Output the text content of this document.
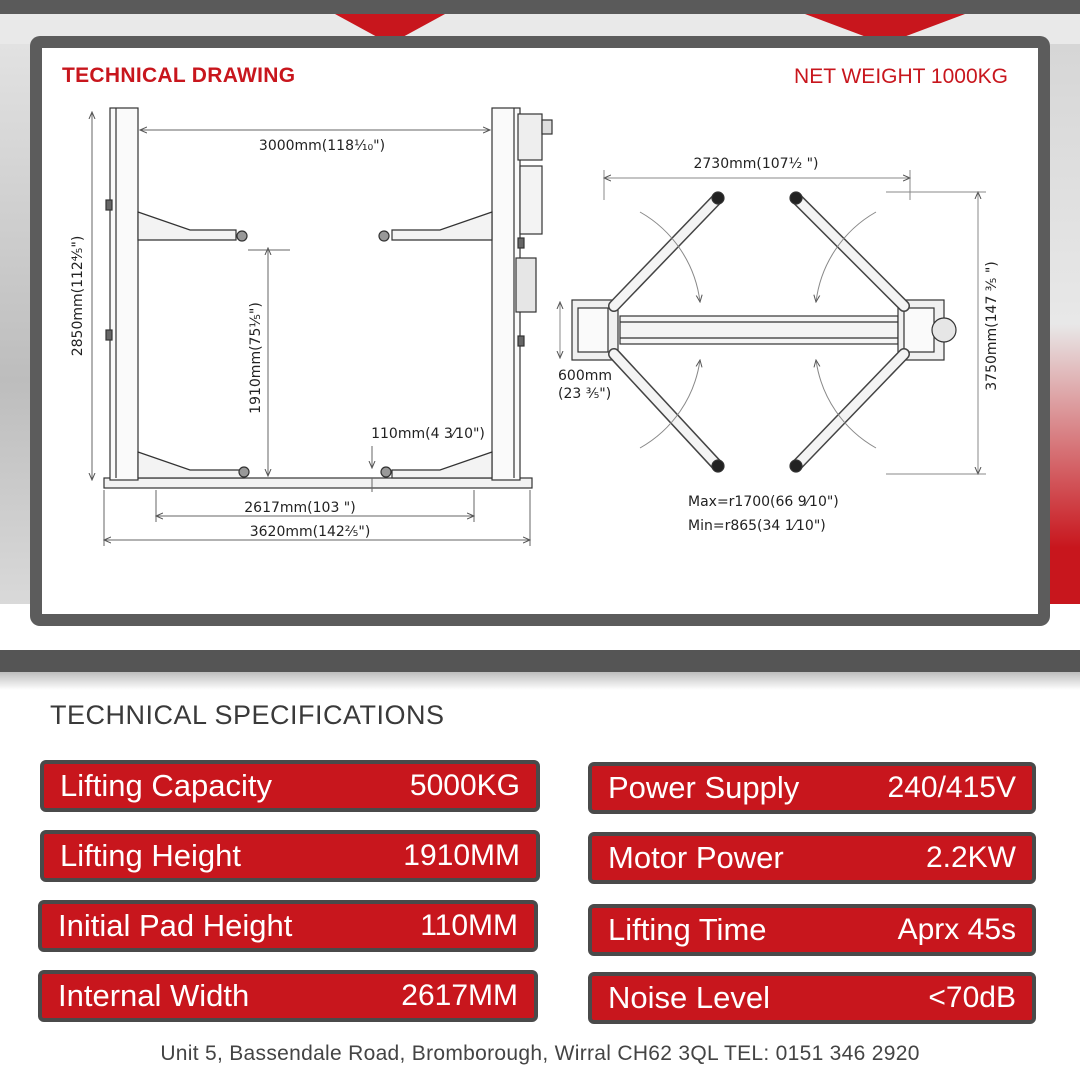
TECHNICAL DRAWING	NET WEIGHT 1000KG
3000mm(118⅒")
2850mm(112⅘")
1910mm(75⅕")
110mm(4 3⁄10")
2617mm(103 ")
3620mm(142⅖")
2730mm(107½ ")
600mm
(23 ⅗")
3750mm(147 ⅗ ")
Max=r1700(66 9⁄10")
Min=r865(34 1⁄10")
TECHNICAL SPECIFICATIONS
Lifting Capacity	5000KG
Lifting Height	1910MM
Initial Pad Height	110MM
Internal Width	2617MM
Power Supply	240/415V
Motor Power	2.2KW
Lifting Time	Aprx 45s
Noise Level	<70dB
Unit 5, Bassendale Road, Bromborough, Wirral CH62 3QL TEL: 0151 346 2920
